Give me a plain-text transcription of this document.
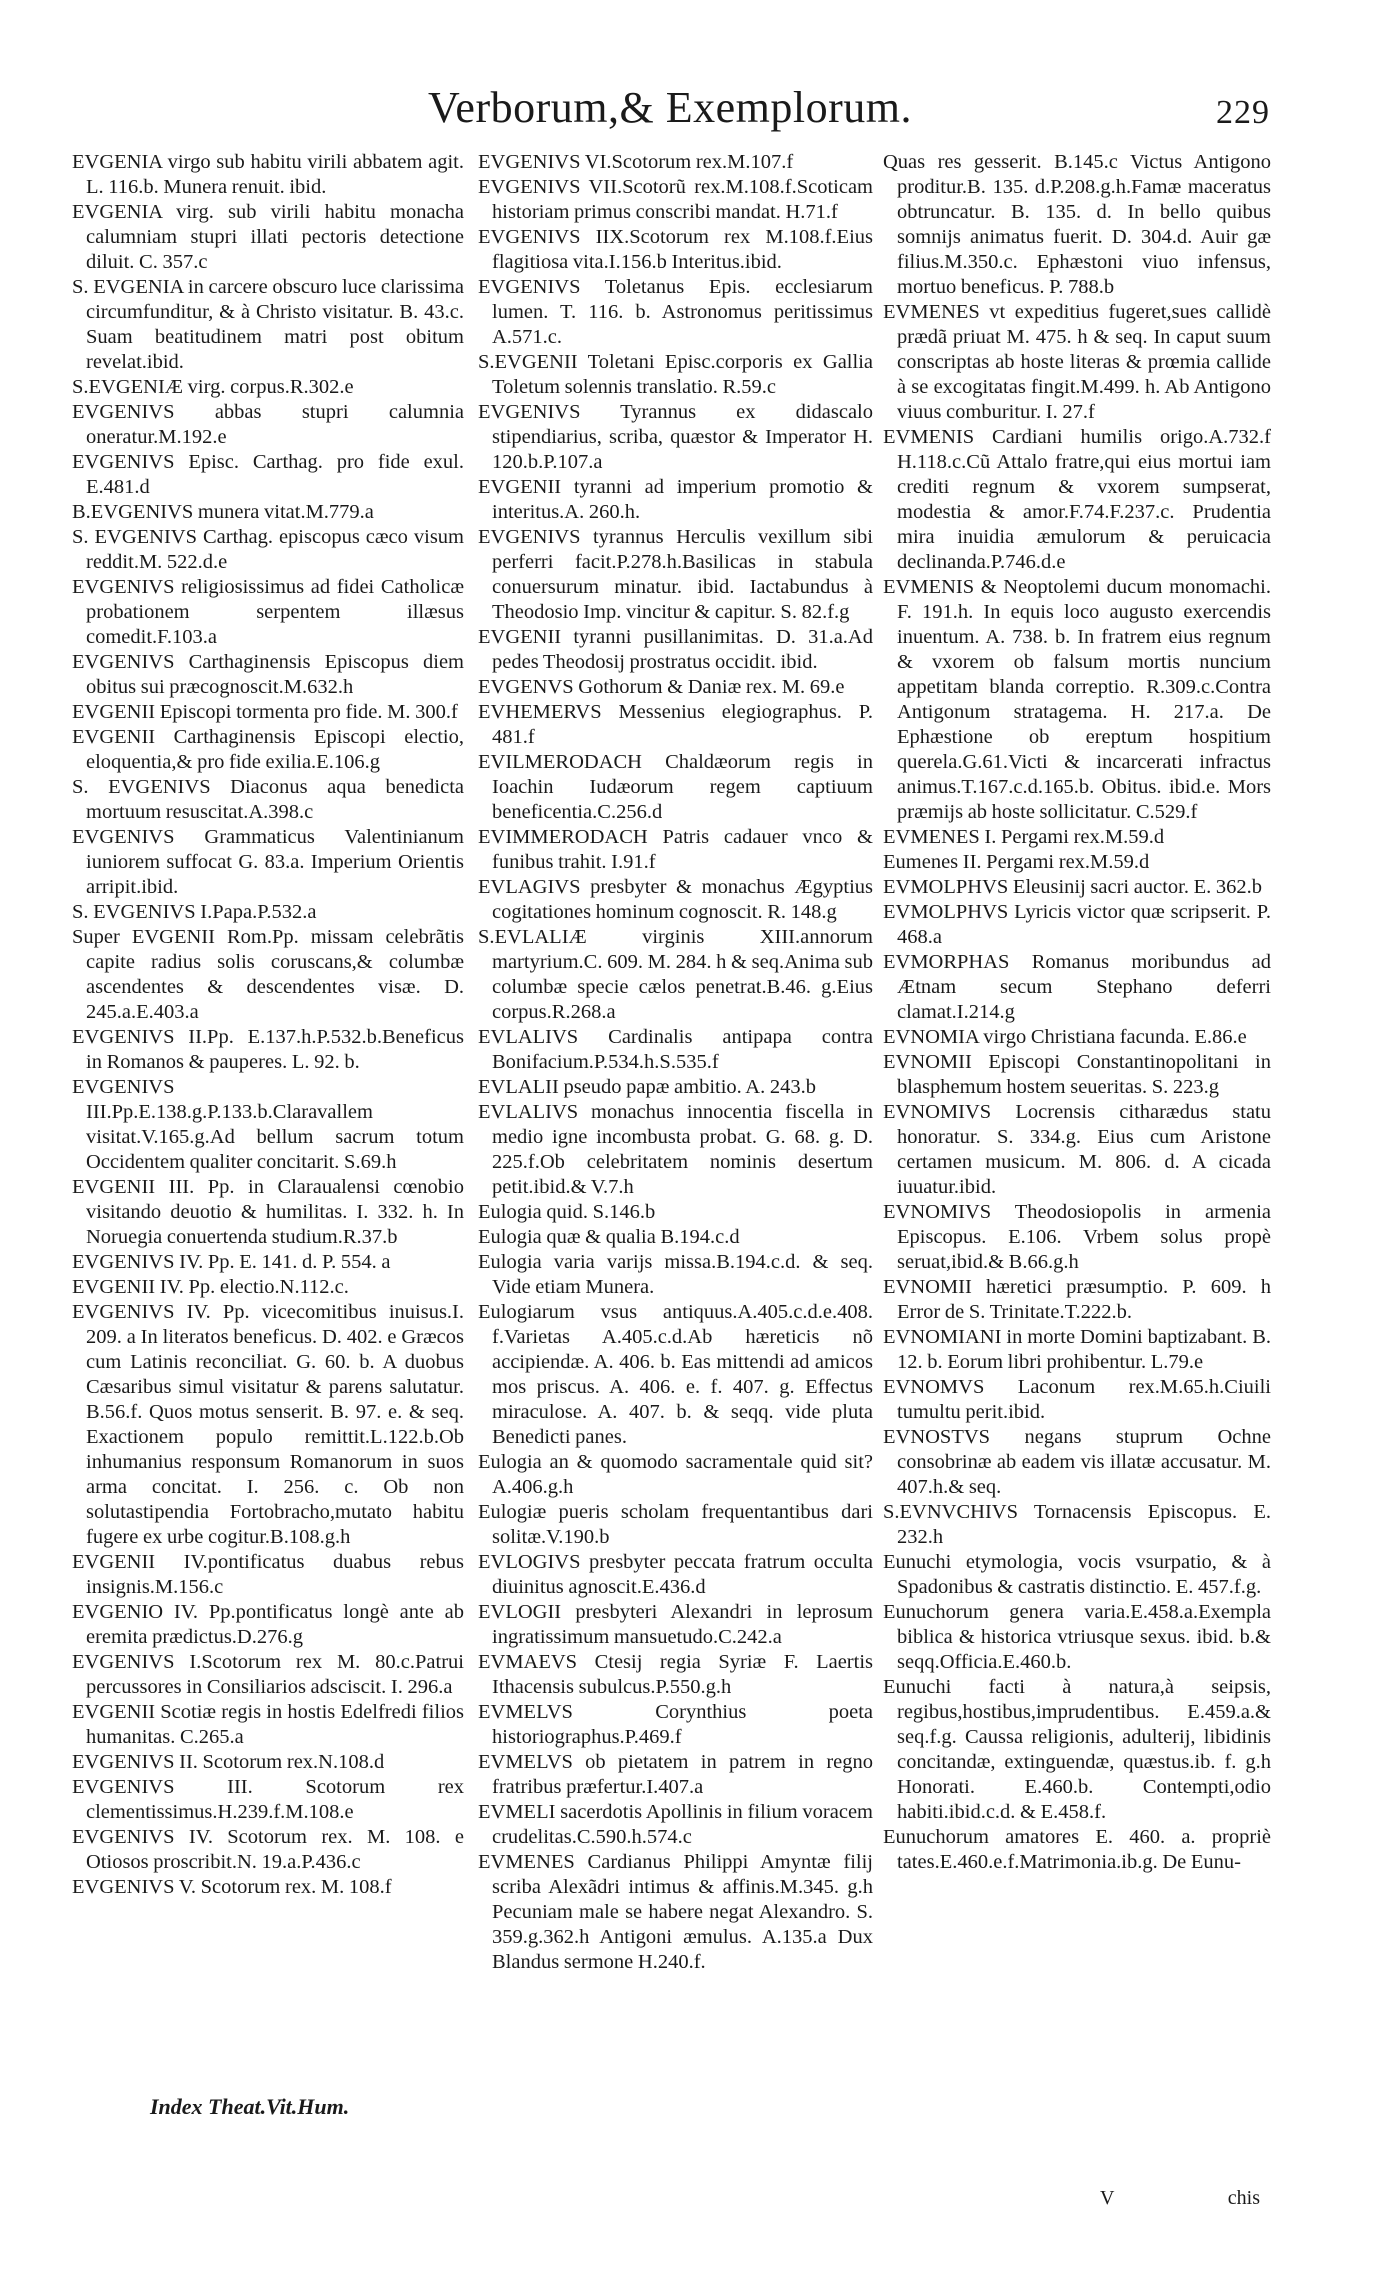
Verborum,& Exemplorum.	229

EVGENIA virgo sub habitu virili abbatem agit. L. 116.b. Munera renuit. ibid.

EVGENIA virg. sub virili habitu monacha calumniam stupri illati pectoris detectione diluit. C. 357.c

S. EVGENIA in carcere obscuro luce clarissima circumfunditur, & à Christo visitatur. B. 43.c. Suam beatitudinem matri post obitum revelat.ibid.

S.EVGENIÆ virg. corpus.R.302.e

EVGENIVS abbas stupri calumnia oneratur.M.192.e

EVGENIVS Episc. Carthag. pro fide exul. E.481.d

B.EVGENIVS munera vitat.M.779.a

S. EVGENIVS Carthag. episcopus cæco visum reddit.M. 522.d.e

EVGENIVS religiosissimus ad fidei Catholicæ probationem serpentem illæsus comedit.F.103.a

EVGENIVS Carthaginensis Episcopus diem obitus sui præcognoscit.M.632.h

EVGENII Episcopi tormenta pro fide. M. 300.f

EVGENII Carthaginensis Episcopi electio, eloquentia,& pro fide exilia.E.106.g

S. EVGENIVS Diaconus aqua benedicta mortuum resuscitat.A.398.c

EVGENIVS Grammaticus Valentinianum iuniorem suffocat G. 83.a. Imperium Orientis arripit.ibid.

S. EVGENIVS I.Papa.P.532.a

Super EVGENII Rom.Pp. missam celebrãtis capite radius solis coruscans,& columbæ ascendentes & descendentes visæ. D. 245.a.E.403.a

EVGENIVS II.Pp. E.137.h.P.532.b.Beneficus in Romanos & pauperes. L. 92. b.

EVGENIVS III.Pp.E.138.g.P.133.b.Claravallem visitat.V.165.g.Ad bellum sacrum totum Occidentem qualiter concitarit. S.69.h

EVGENII III. Pp. in Claraualensi cœnobio visitando deuotio & humilitas. I. 332. h. In Noruegia conuertenda studium.R.37.b

EVGENIVS IV. Pp. E. 141. d. P. 554. a

EVGENII IV. Pp. electio.N.112.c.

EVGENIVS IV. Pp. vicecomitibus inuisus.I. 209. a In literatos beneficus. D. 402. e Græcos cum Latinis reconciliat. G. 60. b. A duobus Cæsaribus simul visitatur & parens salutatur. B.56.f. Quos motus senserit. B. 97. e. & seq. Exactionem populo remittit.L.122.b.Ob inhumanius responsum Romanorum in suos arma concitat. I. 256. c. Ob non solutastipendia Fortobracho,mutato habitu fugere ex urbe cogitur.B.108.g.h

EVGENII IV.pontificatus duabus rebus insignis.M.156.c

EVGENIO IV. Pp.pontificatus longè ante ab eremita prædictus.D.276.g

EVGENIVS I.Scotorum rex M. 80.c.Patrui percussores in Consiliarios adsciscit. I. 296.a

EVGENII Scotiæ regis in hostis Edelfredi filios humanitas. C.265.a

EVGENIVS II. Scotorum rex.N.108.d

EVGENIVS III. Scotorum rex clementissimus.H.239.f.M.108.e

EVGENIVS IV. Scotorum rex. M. 108. e Otiosos proscribit.N. 19.a.P.436.c

EVGENIVS V. Scotorum rex. M. 108.f

EVGENIVS VI.Scotorum rex.M.107.f

EVGENIVS VII.Scotorũ rex.M.108.f.Scoticam historiam primus conscribi mandat. H.71.f

EVGENIVS IIX.Scotorum rex M.108.f.Eius flagitiosa vita.I.156.b Interitus.ibid.

EVGENIVS Toletanus Epis. ecclesiarum lumen. T. 116. b. Astronomus peritissimus A.571.c.

S.EVGENII Toletani Episc.corporis ex Gallia Toletum solennis translatio. R.59.c

EVGENIVS Tyrannus ex didascalo stipendiarius, scriba, quæstor & Imperator H. 120.b.P.107.a

EVGENII tyranni ad imperium promotio & interitus.A. 260.h.

EVGENIVS tyrannus Herculis vexillum sibi perferri facit.P.278.h.Basilicas in stabula conuersurum minatur. ibid. Iactabundus à Theodosio Imp. vincitur & capitur. S. 82.f.g

EVGENII tyranni pusillanimitas. D. 31.a.Ad pedes Theodosij prostratus occidit. ibid.

EVGENVS Gothorum & Daniæ rex. M. 69.e

EVHEMERVS Messenius elegiographus. P. 481.f

EVILMERODACH Chaldæorum regis in Ioachin Iudæorum regem captiuum beneficentia.C.256.d

EVIMMERODACH Patris cadauer vnco & funibus trahit. I.91.f

EVLAGIVS presbyter & monachus Ægyptius cogitationes hominum cognoscit. R. 148.g

S.EVLALIÆ virginis XIII.annorum martyrium.C. 609. M. 284. h & seq.Anima sub columbæ specie cælos penetrat.B.46. g.Eius corpus.R.268.a

EVLALIVS Cardinalis antipapa contra Bonifacium.P.534.h.S.535.f

EVLALII pseudo papæ ambitio. A. 243.b

EVLALIVS monachus innocentia fiscella in medio igne incombusta probat. G. 68. g. D. 225.f.Ob celebritatem nominis desertum petit.ibid.& V.7.h

Eulogia quid. S.146.b

Eulogia quæ & qualia B.194.c.d

Eulogia varia varijs missa.B.194.c.d. & seq. Vide etiam Munera.

Eulogiarum vsus antiquus.A.405.c.d.e.408. f.Varietas A.405.c.d.Ab hæreticis nõ accipiendæ. A. 406. b. Eas mittendi ad amicos mos priscus. A. 406. e. f. 407. g. Effectus miraculose. A. 407. b. & seqq. vide pluta Benedicti panes.

Eulogia an & quomodo sacramentale quid sit?A.406.g.h

Eulogiæ pueris scholam frequentantibus dari solitæ.V.190.b

EVLOGIVS presbyter peccata fratrum occulta diuinitus agnoscit.E.436.d

EVLOGII presbyteri Alexandri in leprosum ingratissimum mansuetudo.C.242.a

EVMAEVS Ctesij regia Syriæ F. Laertis Ithacensis subulcus.P.550.g.h

EVMELVS Corynthius poeta historiographus.P.469.f

EVMELVS ob pietatem in patrem in regno fratribus præfertur.I.407.a

EVMELI sacerdotis Apollinis in filium voracem crudelitas.C.590.h.574.c

EVMENES Cardianus Philippi Amyntæ filij scriba Alexãdri intimus & affinis.M.345. g.h Pecuniam male se habere negat Alexandro. S. 359.g.362.h Antigoni æmulus. A.135.a Dux Blandus sermone H.240.f.

Quas res gesserit. B.145.c Victus Antigono proditur.B. 135. d.P.208.g.h.Famæ maceratus obtruncatur. B. 135. d. In bello quibus somnijs animatus fuerit. D. 304.d. Auir gæ filius.M.350.c. Ephæstoni viuo infensus, mortuo beneficus. P. 788.b

EVMENES vt expeditius fugeret,sues callidè prædã priuat M. 475. h & seq. In caput suum conscriptas ab hoste literas & prœmia callide à se excogitatas fingit.M.499. h. Ab Antigono viuus comburitur. I. 27.f

EVMENIS Cardiani humilis origo.A.732.f H.118.c.Cũ Attalo fratre,qui eius mortui iam crediti regnum & vxorem sumpserat, modestia & amor.F.74.F.237.c. Prudentia mira inuidia æmulorum & peruicacia declinanda.P.746.d.e

EVMENIS & Neoptolemi ducum monomachi. F. 191.h. In equis loco augusto exercendis inuentum. A. 738. b. In fratrem eius regnum & vxorem ob falsum mortis nuncium appetitam blanda correptio. R.309.c.Contra Antigonum stratagema. H. 217.a. De Ephæstione ob ereptum hospitium querela.G.61.Victi & incarcerati infractus animus.T.167.c.d.165.b. Obitus. ibid.e. Mors præmijs ab hoste sollicitatur. C.529.f

EVMENES I. Pergami rex.M.59.d

Eumenes II. Pergami rex.M.59.d

EVMOLPHVS Eleusinij sacri auctor. E. 362.b

EVMOLPHVS Lyricis victor quæ scripserit. P. 468.a

EVMORPHAS Romanus moribundus ad Ætnam secum Stephano deferri clamat.I.214.g

EVNOMIA virgo Christiana facunda. E.86.e

EVNOMII Episcopi Constantinopolitani in blasphemum hostem seueritas. S. 223.g

EVNOMIVS Locrensis citharædus statu honoratur. S. 334.g. Eius cum Aristone certamen musicum. M. 806. d. A cicada iuuatur.ibid.

EVNOMIVS Theodosiopolis in armenia Episcopus. E.106. Vrbem solus propè seruat,ibid.& B.66.g.h

EVNOMII hæretici præsumptio. P. 609. h Error de S. Trinitate.T.222.b.

EVNOMIANI in morte Domini baptizabant. B. 12. b. Eorum libri prohibentur. L.79.e

EVNOMVS Laconum rex.M.65.h.Ciuili tumultu perit.ibid.

EVNOSTVS negans stuprum Ochne consobrinæ ab eadem vis illatæ accusatur. M. 407.h.& seq.

S.EVNVCHIVS Tornacensis Episcopus. E. 232.h

Eunuchi etymologia, vocis vsurpatio, & à Spadonibus & castratis distinctio. E. 457.f.g.

Eunuchorum genera varia.E.458.a.Exempla biblica & historica vtriusque sexus. ibid. b.& seqq.Officia.E.460.b.

Eunuchi facti à natura,à seipsis, regibus,hostibus,imprudentibus. E.459.a.& seq.f.g. Caussa religionis, adulterij, libidinis concitandæ, extinguendæ, quæstus.ib. f. g.h Honorati. E.460.b. Contempti,odio habiti.ibid.c.d. & E.458.f.

Eunuchorum amatores E. 460. a. propriè tates.E.460.e.f.Matrimonia.ib.g. De Eunu-

Index Theat.Vit.Hum.
V	chis
